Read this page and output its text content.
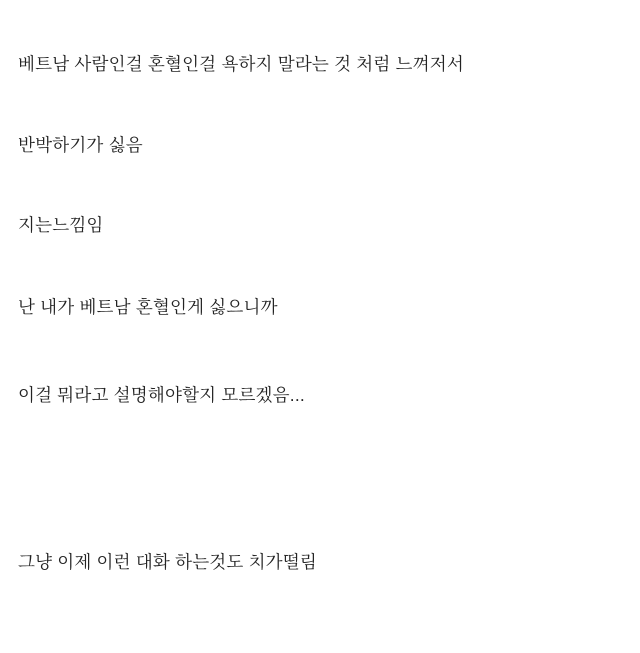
베트남 사람인걸 혼혈인걸 욕하지 말라는 것 처럼 느껴저서
반박하기가 싫음
지는느낌임
난 내가 베트남 혼혈인게 싫으니까
이걸 뭐라고 설명해야할지 모르겠음...
그냥 이제 이런 대화 하는것도 치가떨림
